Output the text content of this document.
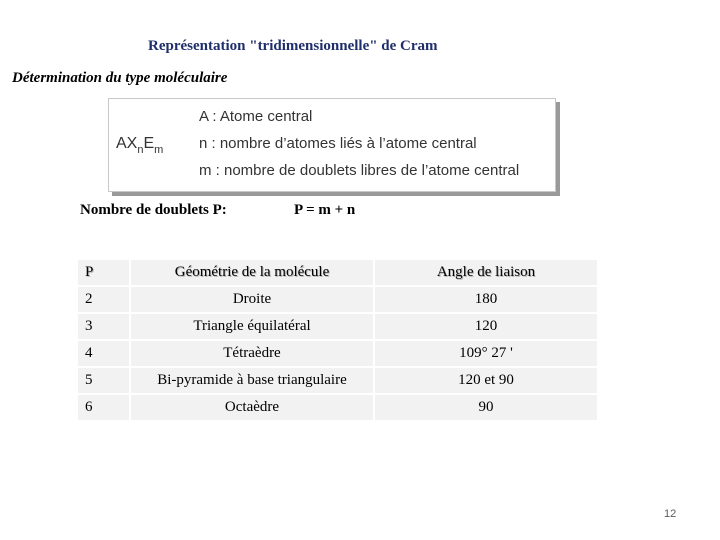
Représentation "tridimensionnelle" de Cram
Détermination du type moléculaire
$AX_nE_m$
A : Atome central
n : nombre d’atomes liés à l’atome central
m : nombre de doublets libres de l’atome central
Nombre de doublets P:	P = m + n
P	Géométrie de la molécule	Angle de liaison
2	Droite	180
3	Triangle équilatéral	120
4	Tétraèdre	109° 27 '
5	Bi-pyramide à base triangulaire	120 et 90
6	Octaèdre	90
12
